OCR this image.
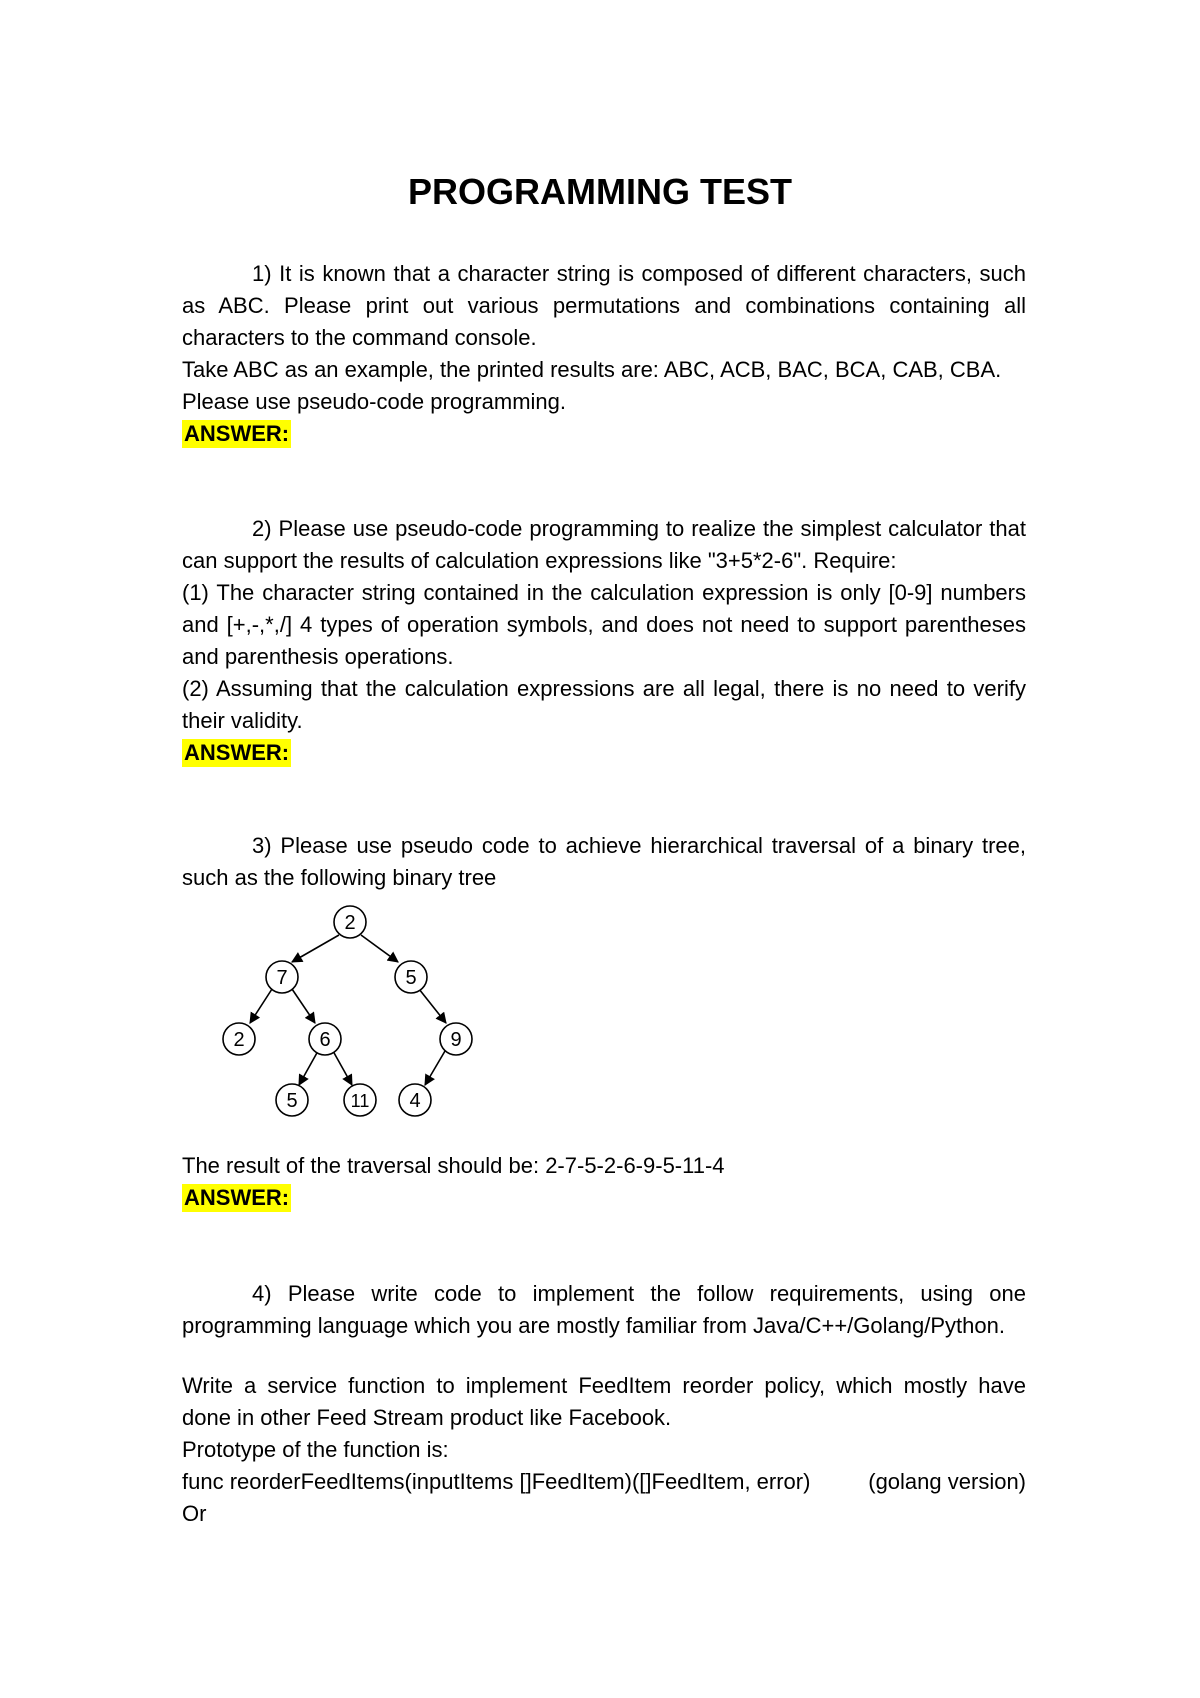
PROGRAMMING TEST

1) It is known that a character string is composed of different characters, such as ABC. Please print out various permutations and combinations containing all characters to the command console.

Take ABC as an example, the printed results are: ABC, ACB, BAC, BCA, CAB, CBA.

Please use pseudo-code programming.

ANSWER:

2) Please use pseudo-code programming to realize the simplest calculator that can support the results of calculation expressions like "3+5*2-6". Require:

(1) The character string contained in the calculation expression is only [0-9] numbers and [+,-,*,/] 4 types of operation symbols, and does not need to support parentheses and parenthesis operations.

(2) Assuming that the calculation expressions are all legal, there is no need to verify their validity.

ANSWER:

3) Please use pseudo code to achieve hierarchical traversal of a binary tree, such as the following binary tree

2
7	5
2	6	9
5	11 4

The result of the traversal should be: 2-7-5-2-6-9-5-11-4

ANSWER:

4) Please write code to implement the follow requirements, using one programming language which you are mostly familiar from Java/C++/Golang/Python.

Write a service function to implement FeedItem reorder policy, which mostly have done in other Feed Stream product like Facebook.

Prototype of the function is:

func reorderFeedItems(inputItems []FeedItem)([]FeedItem, error)	(golang version)

Or
